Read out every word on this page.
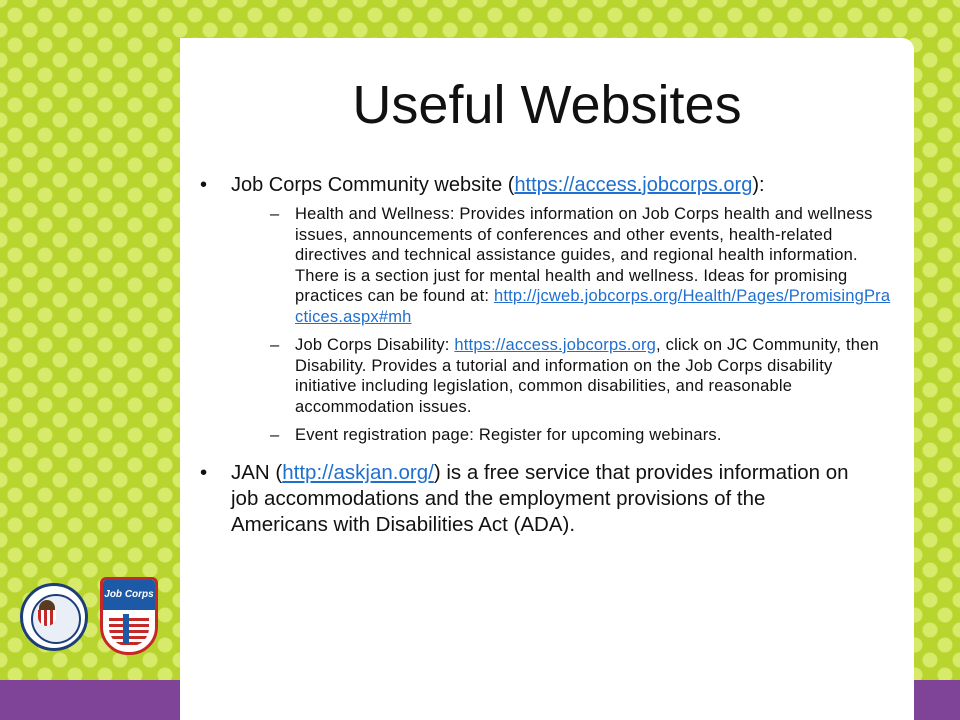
Useful Websites
• Job Corps Community website (https://access.jobcorps.org):
– Health and Wellness: Provides information on Job Corps health and wellness issues, announcements of conferences and other events, health-related directives and technical assistance guides, and regional health information. There is a section just for mental health and wellness. Ideas for promising practices can be found at: http://jcweb.jobcorps.org/Health/Pages/PromisingPractices.aspx#mh
– Job Corps Disability: https://access.jobcorps.org, click on JC Community, then Disability. Provides a tutorial and information on the Job Corps disability initiative including legislation, common disabilities, and reasonable accommodation issues.
– Event registration page: Register for upcoming webinars.
• JAN (http://askjan.org/) is a free service that provides information on job accommodations and the employment provisions of the Americans with Disabilities Act (ADA).
Job Corps
